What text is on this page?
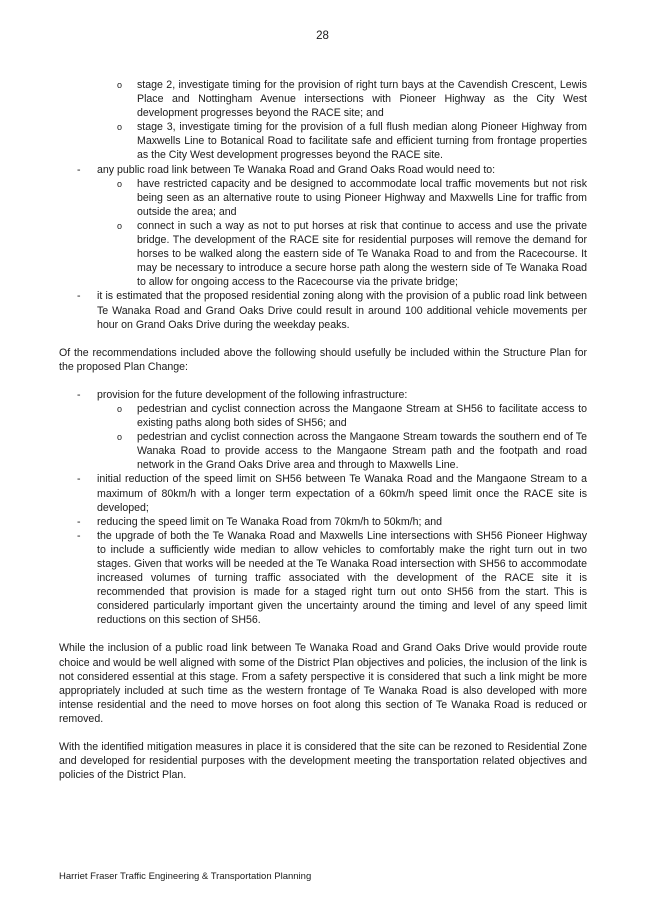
28
o	stage 2, investigate timing for the provision of right turn bays at the Cavendish Crescent, Lewis Place and Nottingham Avenue intersections with Pioneer Highway as the City West development progresses beyond the RACE site; and
o	stage 3, investigate timing for the provision of a full flush median along Pioneer Highway from Maxwells Line to Botanical Road to facilitate safe and efficient turning from frontage properties as the City West development progresses beyond the RACE site.
-	any public road link between Te Wanaka Road and Grand Oaks Road would need to:
o	have restricted capacity and be designed to accommodate local traffic movements but not risk being seen as an alternative route to using Pioneer Highway and Maxwells Line for traffic from outside the area; and
o	connect in such a way as not to put horses at risk that continue to access and use the private bridge. The development of the RACE site for residential purposes will remove the demand for horses to be walked along the eastern side of Te Wanaka Road to and from the Racecourse. It may be necessary to introduce a secure horse path along the western side of Te Wanaka Road to allow for ongoing access to the Racecourse via the private bridge;
-	it is estimated that the proposed residential zoning along with the provision of a public road link between Te Wanaka Road and Grand Oaks Drive could result in around 100 additional vehicle movements per hour on Grand Oaks Drive during the weekday peaks.
Of the recommendations included above the following should usefully be included within the Structure Plan for the proposed Plan Change:
-	provision for the future development of the following infrastructure:
o	pedestrian and cyclist connection across the Mangaone Stream at SH56 to facilitate access to existing paths along both sides of SH56; and
o	pedestrian and cyclist connection across the Mangaone Stream towards the southern end of Te Wanaka Road to provide access to the Mangaone Stream path and the footpath and road network in the Grand Oaks Drive area and through to Maxwells Line.
-	initial reduction of the speed limit on SH56 between Te Wanaka Road and the Mangaone Stream to a maximum of 80km/h with a longer term expectation of a 60km/h speed limit once the RACE site is developed;
-	reducing the speed limit on Te Wanaka Road from 70km/h to 50km/h; and
-	the upgrade of both the Te Wanaka Road and Maxwells Line intersections with SH56 Pioneer Highway to include a sufficiently wide median to allow vehicles to comfortably make the right turn out in two stages. Given that works will be needed at the Te Wanaka Road intersection with SH56 to accommodate increased volumes of turning traffic associated with the development of the RACE site it is recommended that provision is made for a staged right turn out onto SH56 from the start. This is considered particularly important given the uncertainty around the timing and level of any speed limit reductions on this section of SH56.
While the inclusion of a public road link between Te Wanaka Road and Grand Oaks Drive would provide route choice and would be well aligned with some of the District Plan objectives and policies, the inclusion of the link is not considered essential at this stage. From a safety perspective it is considered that such a link might be more appropriately included at such time as the western frontage of Te Wanaka Road is also developed with more intense residential and the need to move horses on foot along this section of Te Wanaka Road is reduced or removed.
With the identified mitigation measures in place it is considered that the site can be rezoned to Residential Zone and developed for residential purposes with the development meeting the transportation related objectives and policies of the District Plan.
Harriet Fraser Traffic Engineering & Transportation Planning
